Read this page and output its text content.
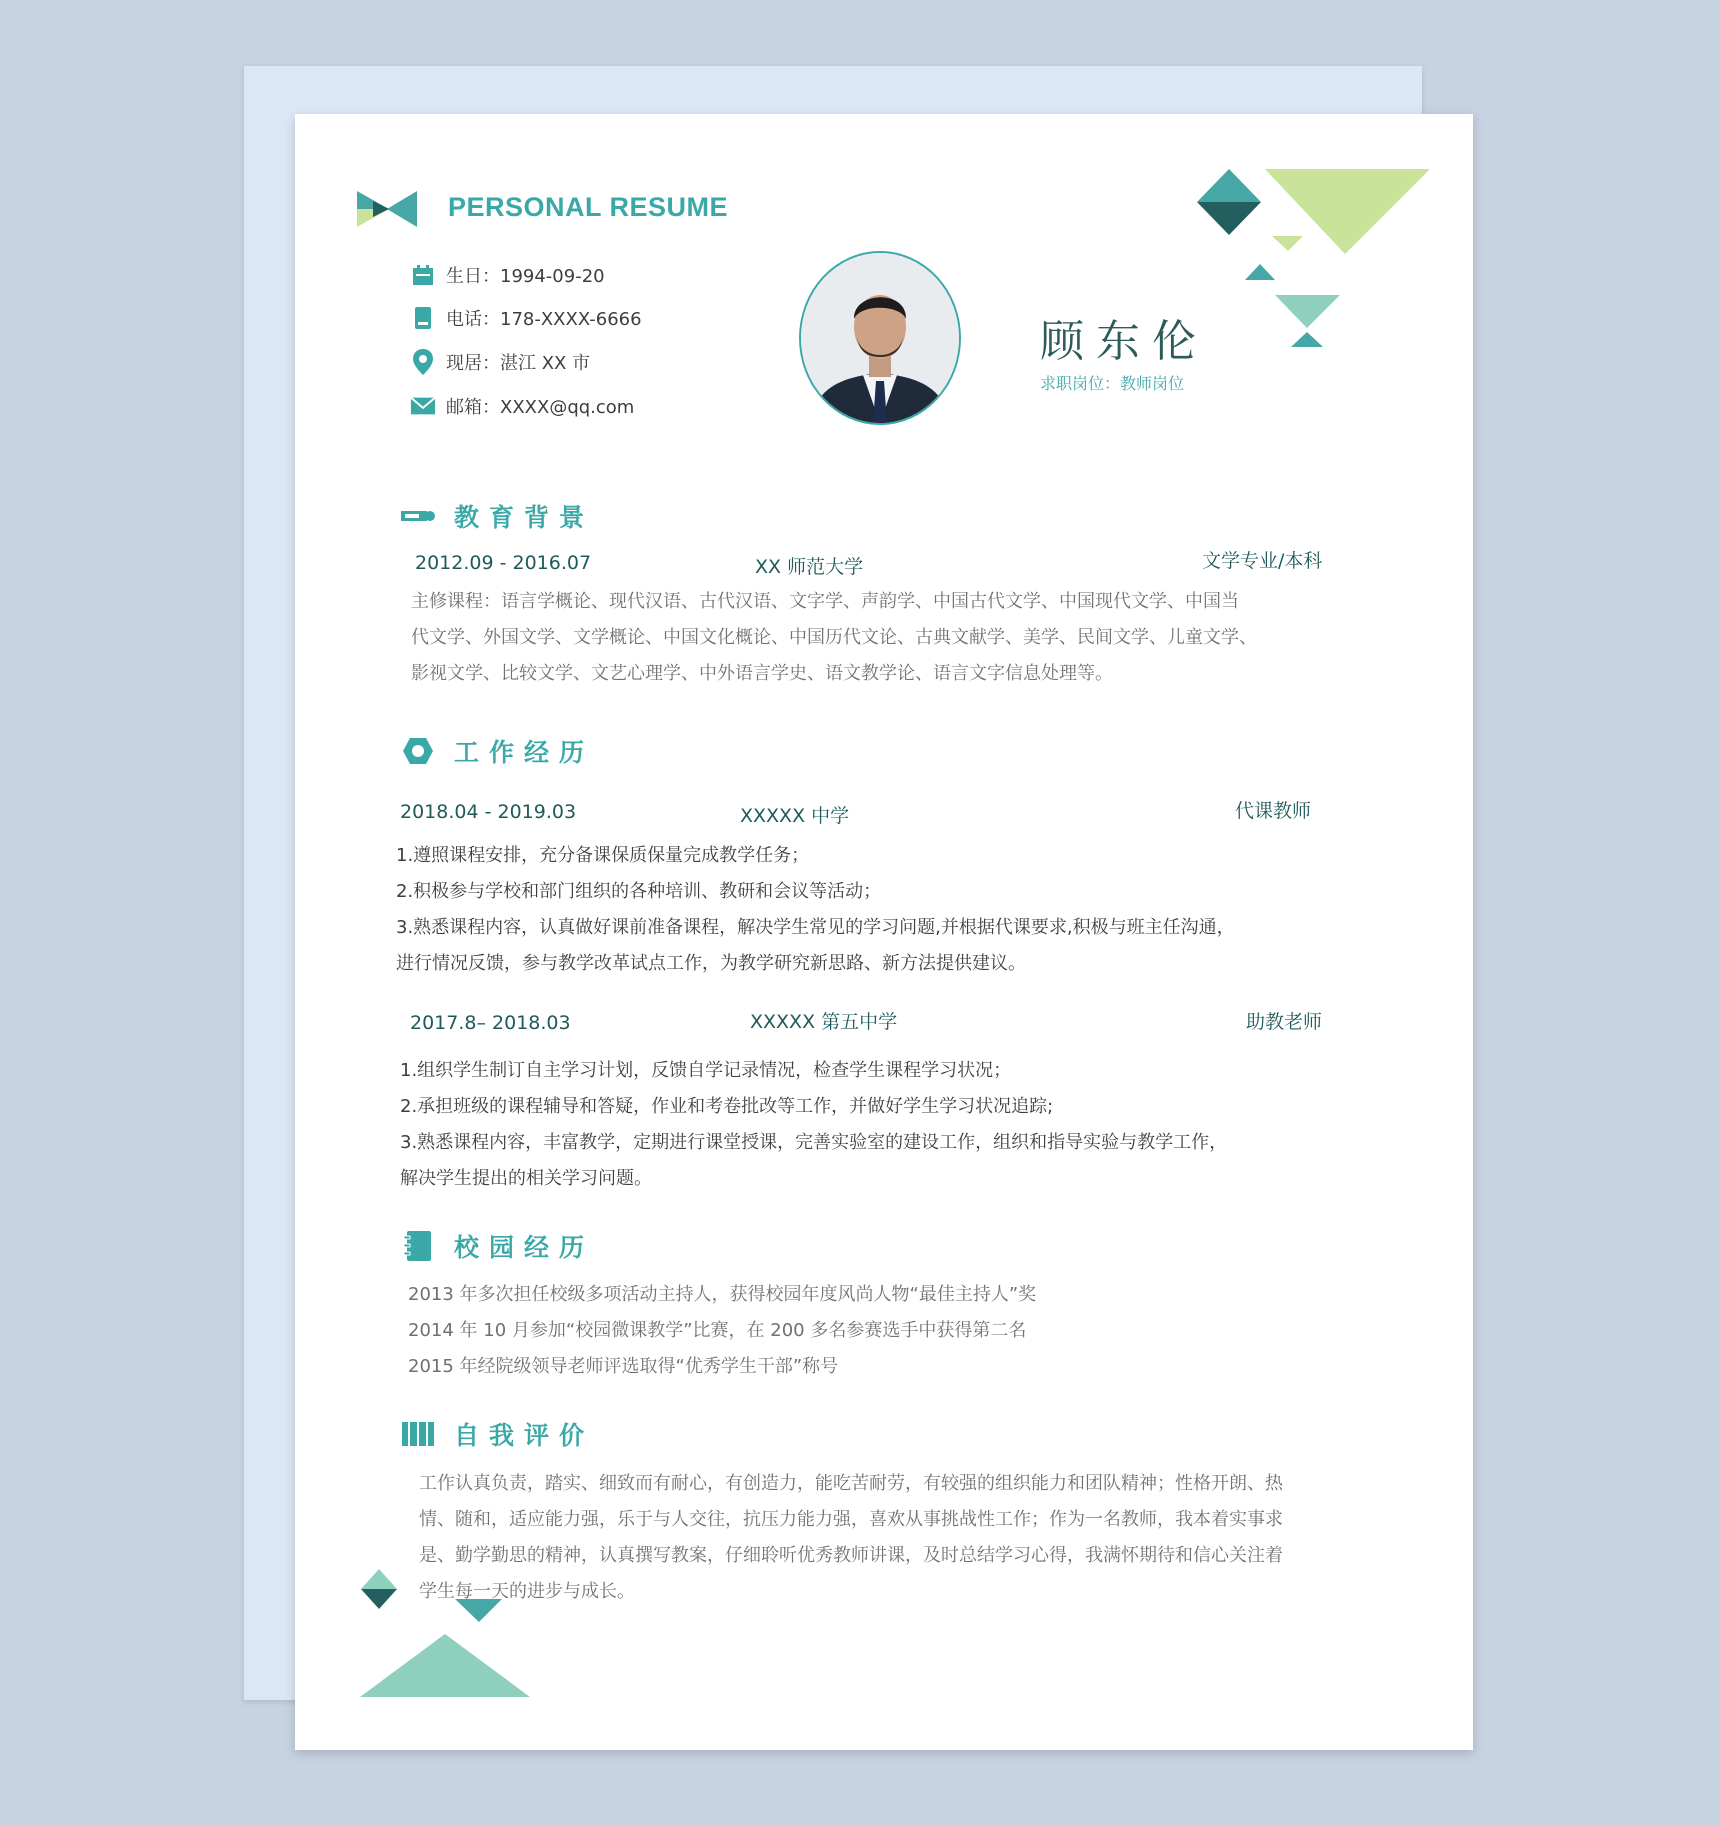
PERSONAL RESUME
生日：1994-09-20
电话：178-XXXX-6666
现居：湛江 XX 市
邮箱：XXXX@qq.com
顾东伦
求职岗位：教师岗位
教育背景
2012.09 - 2016.07	XX 师范大学	文学专业/本科
主修课程：语言学概论、现代汉语、古代汉语、文字学、声韵学、中国古代文学、中国现代文学、中国当
代文学、外国文学、文学概论、中国文化概论、中国历代文论、古典文献学、美学、民间文学、儿童文学、
影视文学、比较文学、文艺心理学、中外语言学史、语文教学论、语言文字信息处理等。
工作经历
2018.04 - 2019.03	XXXXX 中学	代课教师
1.遵照课程安排，充分备课保质保量完成教学任务；
2.积极参与学校和部门组织的各种培训、教研和会议等活动；
3.熟悉课程内容，认真做好课前准备课程，解决学生常见的学习问题,并根据代课要求,积极与班主任沟通，
进行情况反馈，参与教学改革试点工作，为教学研究新思路、新方法提供建议。
2017.8– 2018.03	XXXXX 第五中学	助教老师
1.组织学生制订自主学习计划，反馈自学记录情况，检查学生课程学习状况；
2.承担班级的课程辅导和答疑，作业和考卷批改等工作，并做好学生学习状况追踪;
3.熟悉课程内容，丰富教学，定期进行课堂授课，完善实验室的建设工作，组织和指导实验与教学工作，
解决学生提出的相关学习问题。
校园经历
2013 年多次担任校级多项活动主持人，获得校园年度风尚人物“最佳主持人”奖
2014 年 10 月参加“校园微课教学”比赛，在 200 多名参赛选手中获得第二名
2015 年经院级领导老师评选取得“优秀学生干部”称号
自我评价
工作认真负责，踏实、细致而有耐心，有创造力，能吃苦耐劳，有较强的组织能力和团队精神；性格开朗、热
情、随和，适应能力强，乐于与人交往，抗压力能力强，喜欢从事挑战性工作；作为一名教师，我本着实事求
是、勤学勤思的精神，认真撰写教案，仔细聆听优秀教师讲课，及时总结学习心得，我满怀期待和信心关注着
学生每一天的进步与成长。
